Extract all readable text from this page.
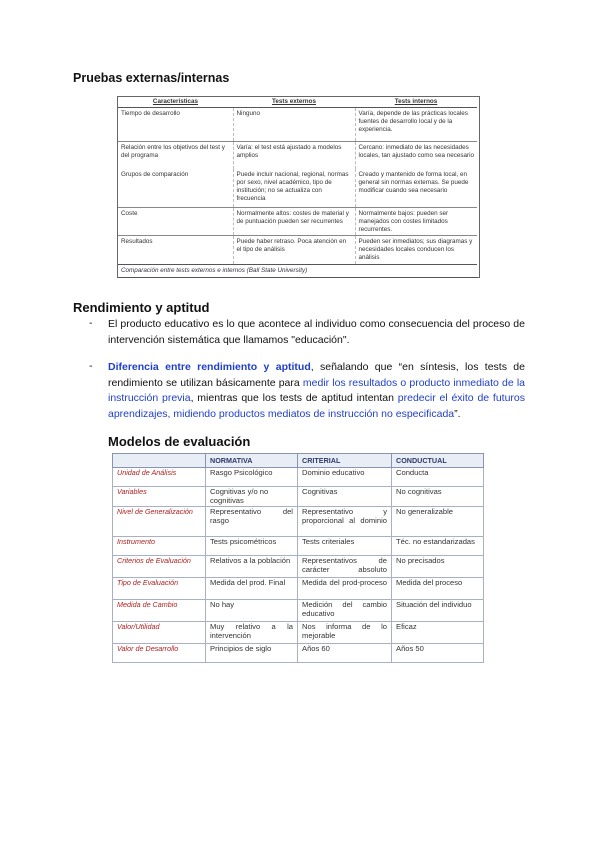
Pruebas externas/internas
Características	Tests externos	Tests internos
Tiempo de desarrollo	Ninguno	Varía, depende de las prácticas locales fuentes de desarrollo local y de la experiencia.
Relación entre los objetivos del test y del programa	Varía: el test está ajustado a modelos amplios	Cercano: inmediato de las necesidades locales, tan ajustado como sea necesario
Grupos de comparación	Puede incluir nacional, regional, normas por sexo, nivel académico, tipo de institución; no se actualiza con frecuencia	Creado y mantenido de forma local, en general sin normas externas. Se puede modificar cuando sea necesario
Coste	Normalmente altos: costes de material y de puntuación pueden ser recurrentes	Normalmente bajos: pueden ser manejados con costes limitados recurrentes.
Resultados	Puede haber retraso. Poca atención en el tipo de análisis	Pueden ser inmediatos; sus diagramas y necesidades locales conducen los análisis
Comparación entre tests externos e internos (Ball State University)		
Rendimiento y aptitud
- El producto educativo es lo que acontece al individuo como consecuencia del proceso de intervención sistemática que llamamos "educación".
- Diferencia entre rendimiento y aptitud, señalando que “en síntesis, los tests de rendimiento se utilizan básicamente para medir los resultados o producto inmediato de la instrucción previa, mientras que los tests de aptitud intentan predecir el éxito de futuros aprendizajes, midiendo productos mediatos de instrucción no especificada”.
Modelos de evaluación
	NORMATIVA	CRITERIAL	CONDUCTUAL
Unidad de Análisis	Rasgo Psicológico	Dominio educativo	Conducta
Variables	Cognitivas y/o no cognitivas	Cognitivas	No cognitivas
Nivel de Generalización	Representativo del rasgo	Representativo y proporcional al dominio	No generalizable
Instrumento	Tests psicométricos	Tests criteriales	Téc. no estandarizadas
Criterios de Evaluación	Relativos a la población	Representativos de carácter absoluto	No precisados
Tipo de Evaluación	Medida del prod. Final	Medida del prod-proceso	Medida del proceso
Medida de Cambio	No hay	Medición del cambio educativo	Situación del individuo
Valor/Utilidad	Muy relativo a la intervención	Nos informa de lo mejorable	Eficaz
Valor de Desarrollo	Principios de siglo	Años 60	Años 50
